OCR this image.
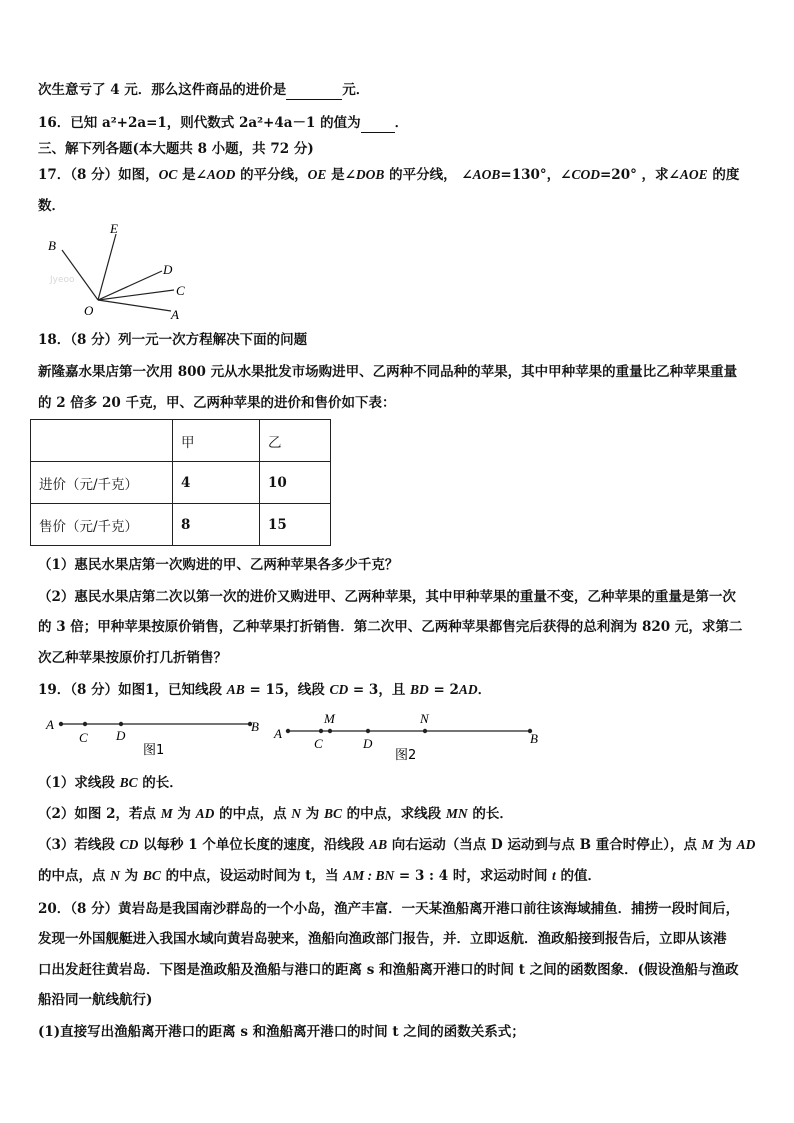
次生意亏了 4 元．那么这件商品的进价是	元．
16．已知 a²+2a=1，则代数式 2a²+4a－1 的值为	．
三、解下列各题(本大题共 8 小题，共 72 分)
17．（8 分）如图，OC 是∠AOD 的平分线，OE 是∠DOB 的平分线， ∠AOB=130°，∠COD=20° ，求∠AOE 的度
数．
B
E
D
C
A
O
Jyeoo
18．（8 分）列一元一次方程解决下面的问题
新隆嘉水果店第一次用 800 元从水果批发市场购进甲、乙两种不同品种的苹果，其中甲种苹果的重量比乙种苹果重量
的 2 倍多 20 千克，甲、乙两种苹果的进价和售价如下表：
	甲	乙
进价（元/千克）	4	10
售价（元/千克）	8	15
（1）惠民水果店第一次购进的甲、乙两种苹果各多少千克？
（2）惠民水果店第二次以第一次的进价又购进甲、乙两种苹果，其中甲种苹果的重量不变，乙种苹果的重量是第一次
的 3 倍；甲种苹果按原价销售，乙种苹果打折销售．第二次甲、乙两种苹果都售完后获得的总利润为 820 元，求第二
次乙种苹果按原价打几折销售？
19．（8 分）如图1，已知线段 AB = 15，线段 CD = 3，且 BD = 2AD．
A
C D
B
图1
A
M
C	D
N
B
图2
（1）求线段 BC 的长．
（2）如图 2，若点 M 为 AD 的中点，点 N 为 BC 的中点，求线段 MN 的长．
（3）若线段 CD 以每秒 1 个单位长度的速度，沿线段 AB 向右运动（当点 D 运动到与点 B 重合时停止），点 M 为 AD
的中点，点 N 为 BC 的中点，设运动时间为 t，当 AM : BN = 3 : 4 时，求运动时间 t 的值．
20．（8 分）黄岩岛是我国南沙群岛的一个小岛，渔产丰富．一天某渔船离开港口前往该海域捕鱼．捕捞一段时间后，
发现一外国舰艇进入我国水域向黄岩岛驶来，渔船向渔政部门报告，并．立即返航．渔政船接到报告后，立即从该港
口出发赶往黄岩岛．下图是渔政船及渔船与港口的距离 s 和渔船离开港口的时间 t 之间的函数图象．(假设渔船与渔政
船沿同一航线航行)
(1)直接写出渔船离开港口的距离 s 和渔船离开港口的时间 t 之间的函数关系式；
